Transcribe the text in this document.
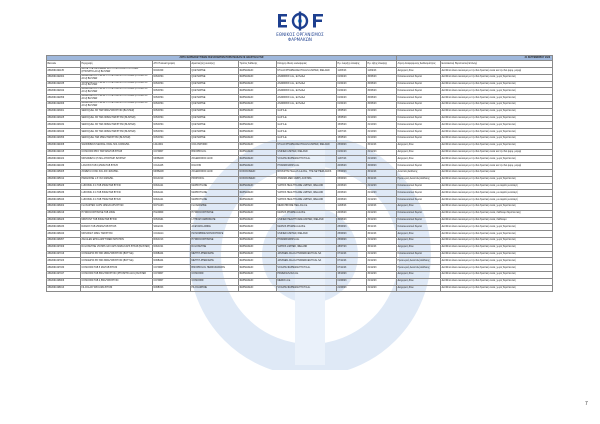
ΕΘΝΙΚΟΣ ΟΡΓΑΝΙΣΜΟΣ ΦΑΡΜΑΚΩΝ
ΛΙΣΤΑ ΦΑΡΜΑΚΕΥΤΙΚΩΝ ΣΚΕΥΑΣΜΑΤΩΝ ΠΟΡΕΥΘΗΚΑΝ ΣΕ ΑΝΑΣΤΟΛΗ ΤΗΣ								21 ΣΕΠΤΕΜΒΡΙΟΥ 2023	
Barcode	Περιγραφή	ATC Πολυκατηγορίας	Δραστική(ές) ουσία(ες)	Τρόπος διάθεσης	Κάτοχος άδειας κυκλοφορίας	Ημ. έναρξης έλλειψης	Ημ. λήξης έλλειψης	Λόγος Αναφερόμενης Διαθεσιμότητας	Εναλλακτική Θεραπευτική Επιλογή
2802094191135	GLIVE THE INFUSIBLE WITH THE CONSTITUTIONAL (PHOSPHO-ACU) BLISTER	N03AX09	QUETIAPINE	ΦΑΡΜΑΚΕΙΟ	MYLAN PHARMACEUTICALS LIMITED, IRELAND	11/05/23	11/09/23	Διαχείριση Στοκ	Διατίθεται άλλο σκεύασμα με την ίδια δραστική ουσία και την ίδια φαρμ. μορφή
2802094192004	GRANULE ON THE WITH THE CONSTITUTIONAL (PHOSPHO-ACU) BLISTER	N05AH04	QUETIAPINE	ΦΑΡΜΑΚΕΙΟ	ΑΝΑΒΙΟΣΙΣ Α.Ε., ΕΛΛΑΔΑ	01/04/23	30/06/23	Κατασκευαστικά θέματα	Διατίθεται άλλο σκεύασμα με την ίδια δραστική ουσία, χωρίς θεραπευτική
2802094192035	GRANULE ON THE WITH THE CONSTITUTIONAL (PHOSPHO-ACU) BLISTER	N05AH04	QUETIAPINE	ΦΑΡΜΑΚΕΙΟ	ΑΝΑΒΙΟΣΙΣ Α.Ε., ΕΛΛΑΔΑ	01/04/23	30/06/23	Κατασκευαστικά θέματα	Διατίθεται άλλο σκεύασμα με την ίδια δραστική ουσία, χωρίς θεραπευτική
2802094192042	GRANULE ON THE WITH THE CONSTITUTIONAL (PHOSPHO-ACU) BLISTER	N05AH04	QUETIAPINE	ΦΑΡΜΑΚΕΙΟ	ΑΝΑΒΙΟΣΙΣ Α.Ε., ΕΛΛΑΔΑ	01/04/23	30/06/23	Κατασκευαστικά θέματα	Διατίθεται άλλο σκεύασμα με την ίδια δραστική ουσία, χωρίς θεραπευτική
2802094192059	GRANULE ON THE WITH THE CONSTITUTIONAL (PHOSPHO-ACU) BLISTER	N05AH04	QUETIAPINE	ΦΑΡΜΑΚΕΙΟ	ΑΝΑΒΙΟΣΙΣ Α.Ε., ΕΛΛΑΔΑ	01/04/23	30/06/23	Κατασκευαστικά θέματα	Διατίθεται άλλο σκεύασμα με την ίδια δραστική ουσία, χωρίς θεραπευτική
2802094192066	GRANULE ON THE WITH THE CONSTITUTIONAL (PHOSPHO-ACU) BLISTER	N05AH04	QUETIAPINE	ΦΑΡΜΑΚΕΙΟ	ΑΝΑΒΙΟΣΙΣ Α.Ε., ΕΛΛΑΔΑ	01/04/23	30/06/23	Κατασκευαστικά θέματα	Διατίθεται άλλο σκεύασμα με την ίδια δραστική ουσία, χωρίς θεραπευτική
2802094193001	SEROQUEL XR TAB 50MG/TAB BTX60 (BLISTER)	N05AH04	QUETIAPINE	ΦΑΡΜΑΚΕΙΟ	GAP A.E.	15/05/23	31/10/23	Κατασκευαστικά θέματα	Διατίθεται άλλο σκεύασμα με την ίδια δραστική ουσία, χωρίς θεραπευτική
2802094193025	SEROQUEL XR TAB 200MG/TAB BTX60 (BLISTER)	N05AH04	QUETIAPINE	ΦΑΡΜΑΚΕΙΟ	GAP A.E.	15/05/23	31/10/23	Κατασκευαστικά θέματα	Διατίθεται άλλο σκεύασμα με την ίδια δραστική ουσία, χωρίς θεραπευτική
2802094193032	SEROQUEL XR TAB 300MG/TAB BTX60 (BLISTER)	N05AH04	QUETIAPINE	ΦΑΡΜΑΚΕΙΟ	GAP A.E.	15/05/23	31/10/23	Κατασκευαστικά θέματα	Διατίθεται άλλο σκεύασμα με την ίδια δραστική ουσία, χωρίς θεραπευτική
2802094193049	SEROQUEL XR TAB 400MG/TAB BTX60 (BLISTER)	N05AH04	QUETIAPINE	ΦΑΡΜΑΚΕΙΟ	GAP A.E.	11/07/23	31/10/23	Κατασκευαστικά θέματα	Διατίθεται άλλο σκεύασμα με την ίδια δραστική ουσία, χωρίς θεραπευτική
2802094193056	SEROQUEL TAB 25MG/TAB BTX60 (BLISTER)	N05AH04	QUETIAPINE	ΦΑΡΜΑΚΕΙΟ	GAP A.E.	15/05/23	31/10/23	Κατασκευαστικά θέματα	Διατίθεται άλλο σκεύασμα με την ίδια δραστική ουσία, χωρίς θεραπευτική
2802094194008	SANDIMMUN NEORAL ORAL SOL 100MG/ML	L04AD01	CICLOSPORIN	ΦΑΡΜΑΚΕΙΟ	MYLAN PHARMACEUTICALS LIMITED, IRELAND	25/09/23	30/11/23	Διαχείριση Στοκ	Διατίθεται άλλο σκεύασμα με την ίδια δραστική ουσία, χωρίς θεραπευτική
2802094194015	CONCORD PRO TAB 5MG/TAB BTX28	C07AB07	BISOPROLOL	ΦΑΡΜΑΚΕΙΟ	UNIFIED LIMITED, IRELAND	01/01/23	31/12/23	Διαχείριση Στοκ	Διατίθεται άλλο σκεύασμα με την ίδια δραστική ουσία και την ίδια φαρμ. μορφή
2802094194022	ΜΟΝΟΜΕΤΑ 3,5 MG ΑΠΟΣΤΕΙΡ. ΒΛΙΣΤΕΡ	M05BA08	ZOLEDRONIC ACID	ΦΑΡΜΑΚΕΙΟ	VOCATE ΦΑΡΜΑΚΕΥΤΙΚΗ Α.Ε.	11/07/23	31/10/23	Διαχείριση Στοκ	Διατίθεται άλλο σκεύασμα με την ίδια δραστική ουσία, χωρίς θεραπευτική
2802094194039	LANOXIN TAB 0,25MG/TAB BTX25	C01AA05	DIGOXIN	ΦΑΡΜΑΚΕΙΟ	PHARMASWISS A.E.	20/06/23	30/09/23	Κατασκευαστικά θέματα	Διατίθεται άλλο σκεύασμα με την ίδια δραστική ουσία και την ίδια φαρμ. μορφή
2802094195005	ZOMETA CONC.SOL.INF 4MG/5ML	M05BA08	ZOLEDRONIC ACID	ΝΟΣΟΚΟΜΕΙΟ	NOVARTIS HELLAS A.E.B.E., THE NETHERLANDS	05/09/23	30/11/23	Αναστολή Διάθεσης	Διατίθεται άλλο σκεύασμα με την ίδια δραστική ουσία
2802094195012	PARAFFINE L.P. INJ 10MG/ML	N01AX10	PROPOFOL	ΝΟΣΟΚΟΜΕΙΟ	PHARMA MED GMBH, AUSTRIA	05/09/23	30/11/23	Προσωρινή Αναστολή Διάθεσης	Διατίθεται άλλο σκεύασμα με την ίδια δραστική ουσία, χωρίς θεραπευτική
2802094195029	LUDIOMIL F.C.TAB 25MG/TAB BTX30	N06AA21	MAPROTILINE	ΦΑΡΜΑΚΕΙΟ	VIATRIS HEALTHCARE LIMITED, IRELAND	20/06/23	31/12/23	Κατασκευαστικά θέματα	Διατίθεται άλλο σκεύασμα με την ίδια δραστική ουσία, με ασφαλή εναλλαγή
2802094195036	LUDIOMIL F.C.TAB 50MG/TAB BTX30	N06AA21	MAPROTILINE	ΦΑΡΜΑΚΕΙΟ	VIATRIS HEALTHCARE LIMITED, IRELAND	20/06/23	31/12/23	Κατασκευαστικά θέματα	Διατίθεται άλλο σκεύασμα με την ίδια δραστική ουσία, με ασφαλή εναλλαγή
2802094195043	LUDIOMIL F.C.TAB 75MG/TAB BTX20	N06AA21	MAPROTILINE	ΦΑΡΜΑΚΕΙΟ	VIATRIS HEALTHCARE LIMITED, IRELAND	20/06/23	31/12/23	Κατασκευαστικά θέματα	Διατίθεται άλλο σκεύασμα με την ίδια δραστική ουσία, με ασφαλή εναλλαγή
2802094196002	FLUXARTEN CAPS 10MG/CAPS BTX20	N07CA03	FLUNARIZINE	ΦΑΡΜΑΚΕΙΟ	MEDICHROME HELLAS A.E.	11/08/23	11/10/23	Διαχείριση Στοκ	Διατίθεται άλλο σκεύασμα με την ίδια δραστική ουσία, χωρίς θεραπευτική
2802094196019	HYDROCORTISONE TAB 20MG	H02AB09	HYDROCORTISONE	ΦΑΡΜΑΚΕΙΟ	MARVIS PHARMA A.E.B.E.	20/06/23	31/12/23	Κατασκευαστικά θέματα	Διατίθεται άλλο σκεύασμα με την ίδια δραστική ουσία, διαθέσιμο θεραπευτικής
2802094196026	ΜΙΚΡΟΛΙΤ ΤΑΒ 50MG/TAB BTX30	N05AN01	LITHIUM CARBONATE	ΦΑΡΜΑΚΕΙΟ	UNIFIED HEALTHCARE LIMITED, IRELAND	30/06/23	30/12/23	Κατασκευαστικά θέματα	Διατίθεται άλλο σκεύασμα με την ίδια δραστική ουσία, διαθέσιμο
2802094196033	DIAMOX TAB 250MG/TAB BTX25	S01EC01	ACETAZOLAMIDE	ΦΑΡΜΑΚΕΙΟ	MARVIS PHARMA A.E.B.E.	25/09/23	30/11/23	Κατασκευαστικά θέματα	Διατίθεται άλλο σκεύασμα με την ίδια δραστική ουσία, χωρίς θεραπευτική
2802094196040	ΜΟΝΟΚΕΤ 20MG ΤΑΒ ΒΤΧ30	C01DA14	ISOSORBIDE MONONITRATE	ΦΑΡΜΑΚΕΙΟ	UNIFIED LIMITED, IRELAND	25/09/23	30/11/23	Διαχείριση Στοκ	Διατίθεται άλλο σκεύασμα με την ίδια δραστική ουσία, χωρίς θεραπευτική
2802094196057	ZACALEN EPICLAMP TIMED IMITATION	R06AX13	HYDROCORTISONE	ΦΑΡΜΑΚΕΙΟ	PHARMASWISS A.E.	25/09/23	31/12/23	Διαχείριση Στοκ	Διατίθεται άλλο σκεύασμα με την ίδια δραστική ουσία, χωρίς θεραπευτική
2802094197009	DULOXETINE VIATRIS GR CAPS 60MG/CAPS BTX28 (BLISTER)	N06AX21	DULOXETINE	ΦΑΡΜΑΚΕΙΟ	VIATRIS LIMITED, IRELAND	28/07/23	30/11/23	Διαχείριση Στοκ	Διατίθεται άλλο σκεύασμα με την ίδια δραστική ουσία, χωρίς θεραπευτική
2802094197016	CONCERTA PR.TAB 18MG/TAB BTX30 (BOTTLE)	N06BA04	METHYLPHENIDATE	ΦΑΡΜΑΚΕΙΟ	JANSSEN-CILAG PHARMACEUTICAL SA	07/11/23	31/12/23	Κατασκευαστικά θέματα	Διατίθεται άλλο σκεύασμα με την ίδια δραστική ουσία, χωρίς θεραπευτική
2802094197023	CONCERTA PR.TAB 36MG/TAB BTX30 (BOTTLE)	N06BA04	METHYLPHENIDATE	ΦΑΡΜΑΚΕΙΟ	JANSSEN-CILAG PHARMACEUTICAL SA	07/11/23	31/12/23	Προσωρινή Αναστολή Διάθεσης	Διατίθεται άλλο σκεύασμα με την ίδια δραστική ουσία, χωρίς θεραπευτική
2802094197030	CONCORD TAB 5 MG/TAB BTX30	C07AB07	BISOPROLOL HEMIFUMARATE	ΦΑΡΜΑΚΕΙΟ	VOCATE ΦΑΡΜΑΚΕΥΤΙΚΗ Α.Ε.	07/11/23	31/12/23	Προσωρινή Αναστολή Διάθεσης	Διατίθεται άλλο σκεύασμα με την ίδια δραστική ουσία, χωρίς θεραπευτική
2802094197047	CONCORD TAB 5MG/TAB BTX30 (PHOSPHO-ACU) BLISTER	C07AB07	CONCORD	ΦΑΡΜΑΚΕΙΟ	PFIZER ΕΛΛΑΣ Α.Ε.	15/10/23	30/12/23	Διαχείριση Στοκ	Διατίθεται άλλο σκεύασμα με την ίδια δραστική ουσία, χωρίς θεραπευτική
2802094198006	CONCORD TAB 2,5MG/TAB BTX30	C07AB07	CONCORD	ΦΑΡΜΑΚΕΙΟ	MERCK Α.Ε.	01/09/23	31/12/23	Διαχείριση Στοκ	Διατίθεται άλλο σκεύασμα με την ίδια δραστική ουσία, χωρίς θεραπευτική
2802094198013	FILCOLAR TAB 10MG BTX30	N06BX03	PILOCARPINE	ΦΑΡΜΑΚΕΙΟ	VOCATE ΦΑΡΜΑΚΕΥΤΙΚΗ Α.Ε.	21/09/23	31/12/23	Διαχείριση Στοκ	Διατίθεται άλλο σκεύασμα με την ίδια δραστική ουσία, χωρίς θεραπευτική
7
